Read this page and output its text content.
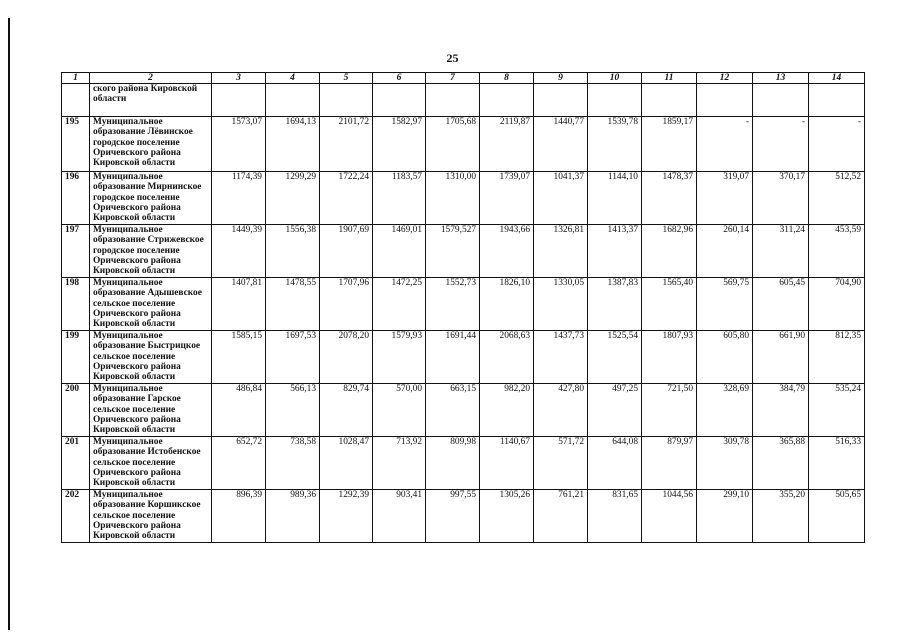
25
1	2	3	4	5	6	7	8	9	10	11	12	13	14
	ского района Кировской области												
195	Муниципальное образование Лёвинское городское поселение Оричевского района Кировской области	1573,07	1694,13	2101,72	1582,97	1705,68	2119,87	1440,77	1539,78	1859,17	-	-	-
196	Муниципальное образование Мирнинское городское поселение Оричевского района Кировской области	1174,39	1299,29	1722,24	1183,57	1310,00	1739,07	1041,37	1144,10	1478,37	319,07	370,17	512,52
197	Муниципальное образование Стрижевское городское поселение Оричевского района Кировской области	1449,39	1556,38	1907,69	1469,01	1579,527	1943,66	1326,81	1413,37	1682,96	260,14	311,24	453,59
198	Муниципальное образование Адышевское сельское поселение Оричевского района Кировской области	1407,81	1478,55	1707,96	1472,25	1552,73	1826,10	1330,05	1387,83	1565,40	569,75	605,45	704,90
199	Муниципальное образование Быстрицкое сельское поселение Оричевского района Кировской области	1585,15	1697,53	2078,20	1579,93	1691,44	2068,63	1437,73	1525,54	1807,93	605,80	661,90	812,35
200	Муниципальное образование Гарское сельское поселение Оричевского района Кировской области	486,84	566,13	829,74	570,00	663,15	982,20	427,80	497,25	721,50	328,69	384,79	535,24
201	Муниципальное образование Истобенское сельское поселение Оричевского района Кировской области	652,72	738,58	1028,47	713,92	809,98	1140,67	571,72	644,08	879,97	309,78	365,88	516,33
202	Муниципальное образование Коршикское сельское поселение Оричевского района Кировской области	896,39	989,36	1292,39	903,41	997,55	1305,26	761,21	831,65	1044,56	299,10	355,20	505,65
